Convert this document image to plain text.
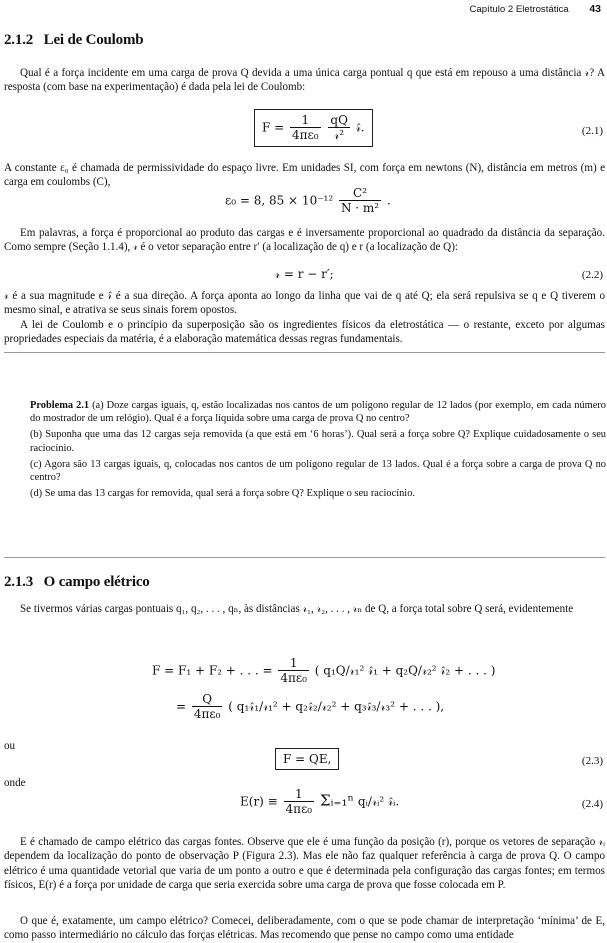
Capítulo 2 Eletrostática 43
2.1.2 Lei de Coulomb
Qual é a força incidente em uma carga de prova Q devida a uma única carga pontual q que está em repouso a uma distância 𝓇? A resposta (com base na experimentação) é dada pela lei de Coulomb:
$F = \frac{1}{\text{4πε₀}}$
$\frac{qQ}{\text{𝓇²}}$ 𝓇̂.	(2.1)
A constante ε₀ é chamada de permissividade do espaço livre. Em unidades SI, com força em newtons (N), distância em metros (m) e carga em coulombs (C),
ε₀ = 8, $85 \times 10^{-12} \frac{\text{C²}}{\text{N · m²}}$ .
Em palavras, a força é proporcional ao produto das cargas e é inversamente proporcional ao quadrado da distância da separação. Como sempre (Seção 1.1.4), 𝓇 é o vetor separação entre r′ (a localização de q) e r (a localização de Q):
𝓇 = r − r′;	(2.2)
𝓇 é a sua magnitude e 𝓇̂ é a sua direção. A força aponta ao longo da linha que vai de q até Q; ela será repulsiva se q e Q tiverem o mesmo sinal, e atrativa se seus sinais forem opostos.
A lei de Coulomb e o princípio da superposição são os ingredientes físicos da eletrostática — o restante, exceto por algumas propriedades especiais da matéria, é a elaboração matemática dessas regras fundamentais.

Problema 2.1 (a) Doze cargas iguais, q, estão localizadas nos cantos de um polígono regular de 12 lados (por exemplo, em cada número do mostrador de um relógio). Qual é a força líquida sobre uma carga de prova Q no centro?

(b) Suponha que uma das 12 cargas seja removida (a que está em ‘6 horas’). Qual será a força sobre Q? Explique cuidadosamente o seu raciocínio.

(c) Agora são 13 cargas iguais, q, colocadas nos cantos de um polígono regular de 13 lados. Qual é a força sobre a carga de prova Q no centro?

(d) Se uma das 13 cargas for removida, qual será a força sobre Q? Explique o seu raciocínio.

2.1.3 O campo elétrico
Se tivermos várias cargas pontuais q₁, q₂, . . . , qₙ, às distâncias 𝓇₁, 𝓇₂, . . . , 𝓇ₙ de Q, a força total sobre Q será, evidentemente
F = F₁ + F₂ + . . . = $\frac{1}{\text{4πε₀}}$ ( q₁Q/𝓇₁² 𝓇̂₁ + q₂Q/𝓇₂² 𝓇̂₂ + . . . )
= $\frac{Q}{\text{4πε₀}}$ ( q₁𝓇̂₁/𝓇₁² + q₂𝓇̂₂/𝓇₂² + q₃𝓇̂₃/𝓇₃² + . . . ),
ou
F = QE,	(2.3)
onde
$E(r) \equiv \frac{1}{\text{4πε₀}}$ Σᵢ₌₁ⁿ qᵢ/𝓇ᵢ² 𝓇̂ᵢ.	(2.4)
E é chamado de campo elétrico das cargas fontes. Observe que ele é uma função da posição (r), porque os vetores de separação 𝓇ᵢ dependem da localização do ponto de observação P (Figura 2.3). Mas ele não faz qualquer referência à carga de prova Q. O campo elétrico é uma quantidade vetorial que varia de um ponto a outro e que é determinada pela configuração das cargas fontes; em termos físicos, E(r) é a força por unidade de carga que seria exercida sobre uma carga de prova que fosse colocada em P.
O que é, exatamente, um campo elétrico? Comecei, deliberadamente, com o que se pode chamar de interpretação ‘mínima’ de E, como passo intermediário no cálculo das forças elétricas. Mas recomendo que pense no campo como uma entidade
